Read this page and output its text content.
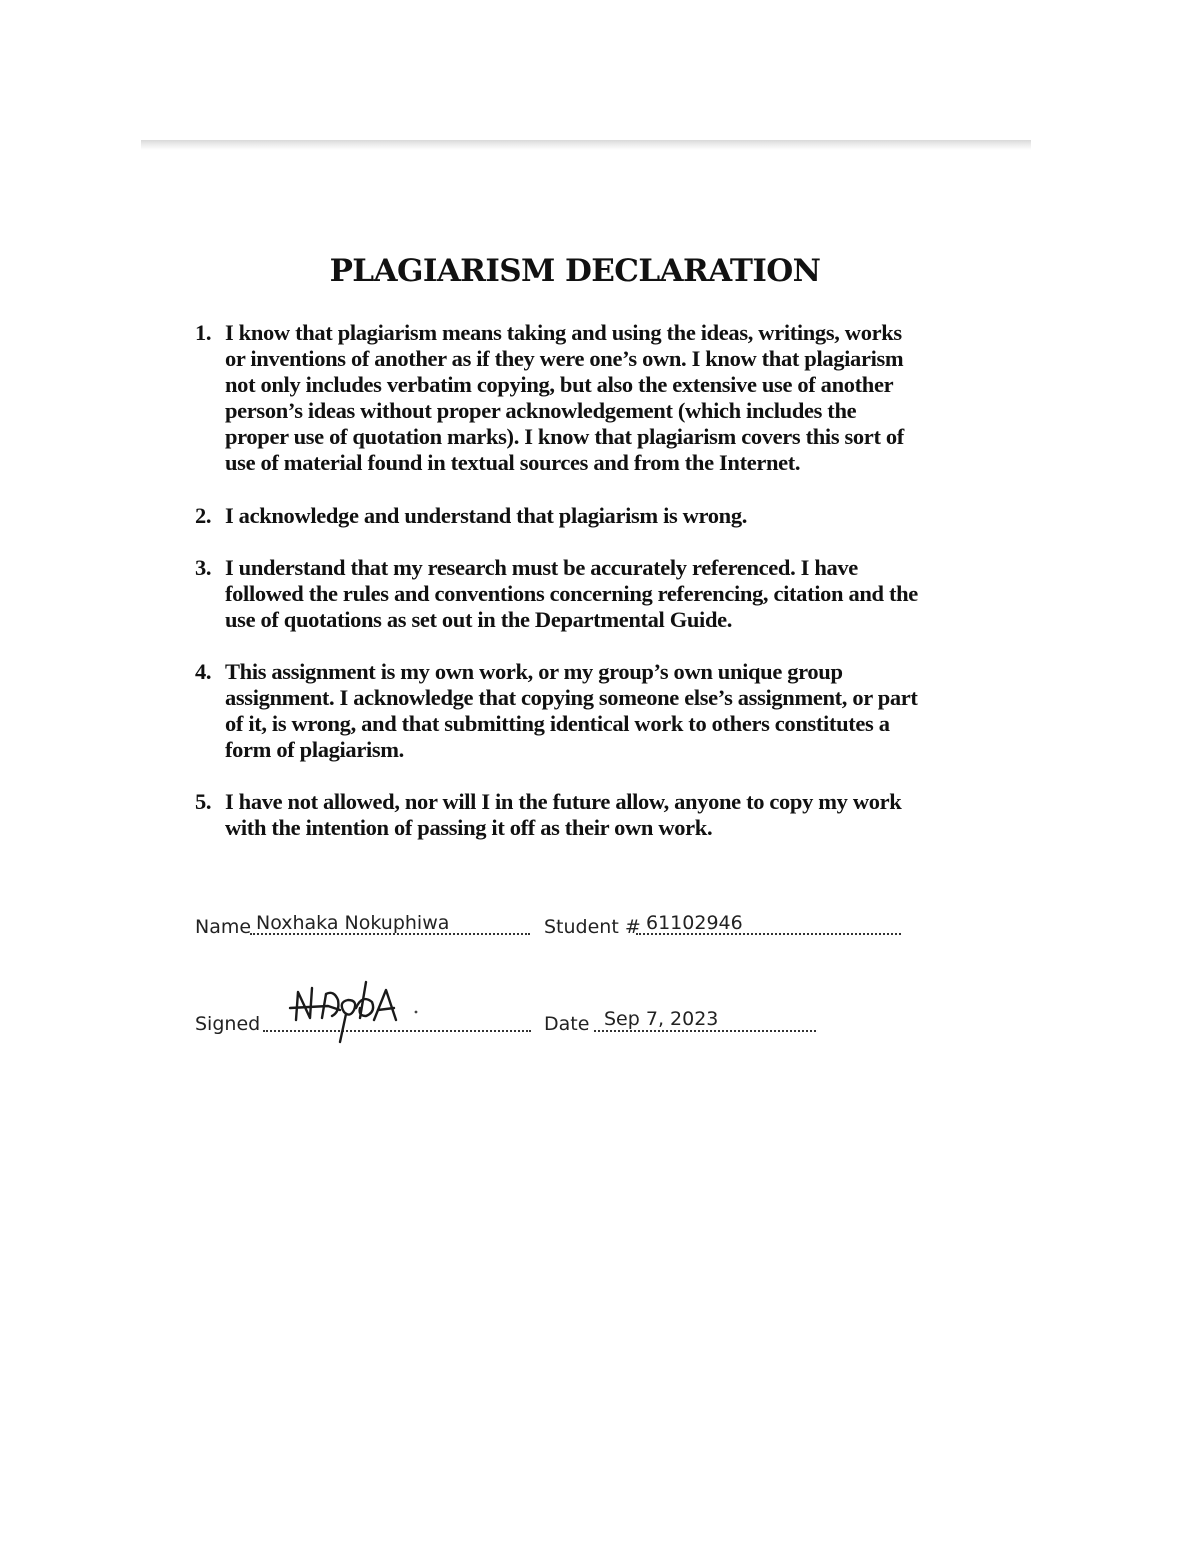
PLAGIARISM DECLARATION
1. I know that plagiarism means taking and using the ideas, writings, works
or inventions of another as if they were one’s own. I know that plagiarism
not only includes verbatim copying, but also the extensive use of another
person’s ideas without proper acknowledgement (which includes the
proper use of quotation marks). I know that plagiarism covers this sort of
use of material found in textual sources and from the Internet.
2. I acknowledge and understand that plagiarism is wrong.
3. I understand that my research must be accurately referenced. I have
followed the rules and conventions concerning referencing, citation and the
use of quotations as set out in the Departmental Guide.
4. This assignment is my own work, or my group’s own unique group
assignment. I acknowledge that copying someone else’s assignment, or part
of it, is wrong, and that submitting identical work to others constitutes a
form of plagiarism.
5. I have not allowed, nor will I in the future allow, anyone to copy my work
with the intention of passing it off as their own work.
Name Noxhaka Nokuphiwa	Student # 61102946
Signed	Date Sep 7, 2023
